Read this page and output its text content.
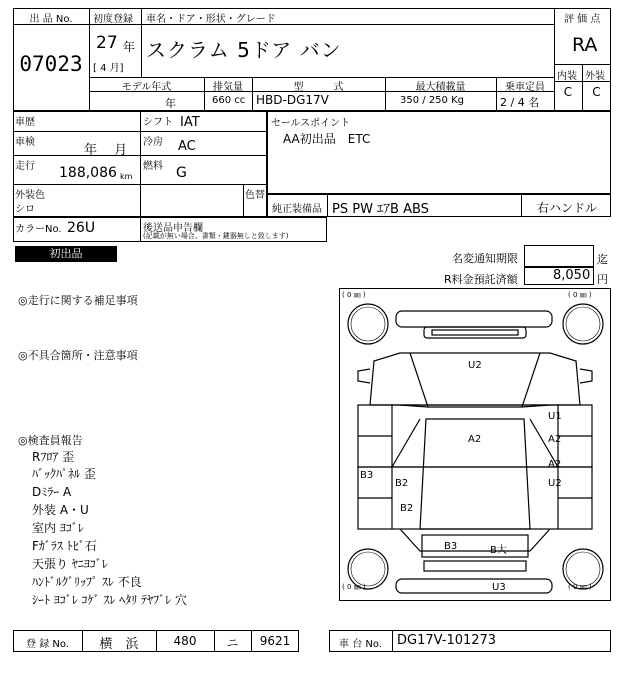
出 品 No.
07023
初度登録
27 年
[ 4 月]
車名・ドア・形状・グレード
スクラム 5ドア バン
評 価 点
RA
内装 外装
C	C
モデル年式	排気量	型　　　式	最大積載量	乗車定員
年	660 cc HBD-DG17V	350 / 250 Kg	2 / 4 名
車歴	シフト IAT
車検
年　 月
冷房 AC
走行 188,086 km
燃料 G
外装色
シロ
色替
カラーNo. 26U	後送品申告欄
(記載が無い場合、書類・鍵器無しと致します)
セールスポイント
AA初出品　ETC
純正装備品 PS PW ｴｱB ABS	右ハンドル
初出品	名変通知期限	迄
R料金預託済額	8,050 円
◎走行に関する補足事項
◎不具合箇所・注意事項
◎検査員報告
Rﾌﾛｱ 歪
ﾊﾞｯｸﾊﾟﾈﾙ 歪
Dﾐﾗｰ A
外装 A・U
室内 ﾖｺﾞﾚ
Fｶﾞﾗｽ ﾄﾋﾞ石
天張り ﾔﾆﾖｺﾞﾚ
ﾊﾝﾄﾞﾙｸﾞﾘｯﾌﾟ ｽﾚ 不良
ｼｰﾄ ﾖｺﾞﾚ ｺｹﾞ ｽﾚ ﾍﾀﾘ ﾃﾔﾌﾞﾚ 穴
( 0 ㎜ )	( 0 ㎜ )
( 0 ㎜ )	( 0 ㎜ )
U2
A2
U1
A2
A2
U2
B3
B2
B2
B3	B大
U3
登 録 No.	横　浜	480	ニ	9621	車 台 No.	DG17V-101273
